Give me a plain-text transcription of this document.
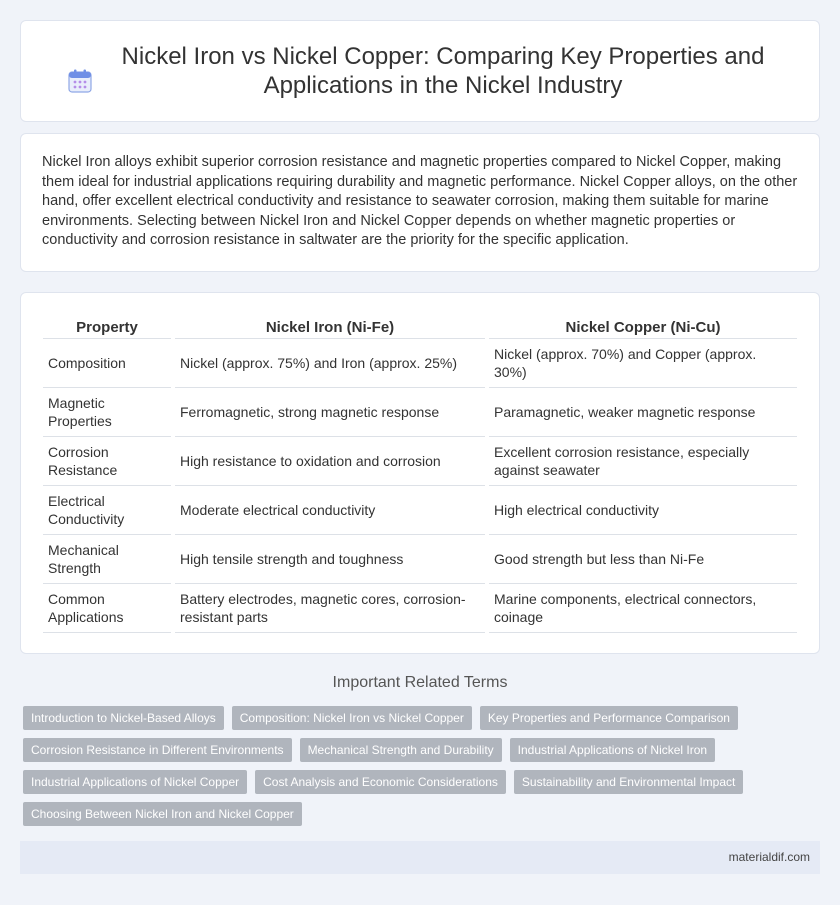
Nickel Iron vs Nickel Copper: Comparing Key Properties and Applications in the Nickel Industry

Nickel Iron alloys exhibit superior corrosion resistance and magnetic properties compared to Nickel Copper, making them ideal for industrial applications requiring durability and magnetic performance. Nickel Copper alloys, on the other hand, offer excellent electrical conductivity and resistance to seawater corrosion, making them suitable for marine environments. Selecting between Nickel Iron and Nickel Copper depends on whether magnetic properties or conductivity and corrosion resistance in saltwater are the priority for the specific application.

Property	Nickel Iron (Ni-Fe)	Nickel Copper (Ni-Cu)
Composition	Nickel (approx. 75%) and Iron (approx. 25%)	Nickel (approx. 70%) and Copper (approx. 30%)
Magnetic Properties	Ferromagnetic, strong magnetic response	Paramagnetic, weaker magnetic response
Corrosion Resistance	High resistance to oxidation and corrosion	Excellent corrosion resistance, especially against seawater
Electrical Conductivity	Moderate electrical conductivity	High electrical conductivity
Mechanical Strength	High tensile strength and toughness	Good strength but less than Ni-Fe
Common Applications	Battery electrodes, magnetic cores, corrosion-resistant parts	Marine components, electrical connectors, coinage
Important Related Terms
Introduction to Nickel-Based Alloys	Composition: Nickel Iron vs Nickel Copper	Key Properties and Performance Comparison
Corrosion Resistance in Different Environments	Mechanical Strength and Durability	Industrial Applications of Nickel Iron
Industrial Applications of Nickel Copper	Cost Analysis and Economic Considerations	Sustainability and Environmental Impact
Choosing Between Nickel Iron and Nickel Copper
materialdif.com
